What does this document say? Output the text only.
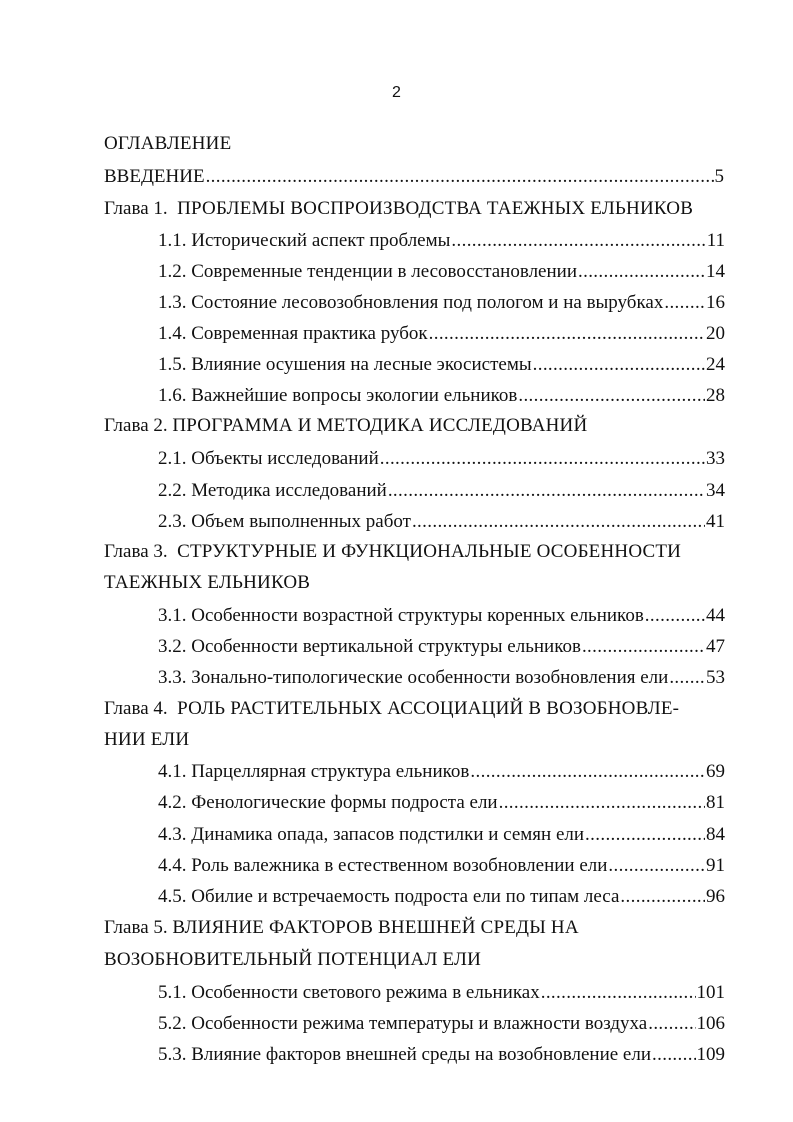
2
ОГЛАВЛЕНИЕ
ВВЕДЕНИЕ . . .	5
Глава 1. ПРОБЛЕМЫ ВОСПРОИЗВОДСТВА ТАЕЖНЫХ ЕЛЬНИКОВ
1.1. Исторический аспект проблемы . . .	11
1.2. Современные тенденции в лесовосстановлении . . .	14
1.3. Состояние лесовозобновления под пологом и на вырубках . . . 16
1.4. Современная практика рубок . . .	20
1.5. Влияние осушения на лесные экосистемы . . .	24
1.6. Важнейшие вопросы экологии ельников . . .	28
Глава 2. ПРОГРАММА И МЕТОДИКА ИССЛЕДОВАНИЙ
2.1. Объекты исследований . . .	33
2.2. Методика исследований . . .	34
2.3. Объем выполненных работ . . .	41
Глава 3. СТРУКТУРНЫЕ И ФУНКЦИОНАЛЬНЫЕ ОСОБЕННОСТИ
ТАЕЖНЫХ ЕЛЬНИКОВ
3.1. Особенности возрастной структуры коренных ельников . . .	44
3.2. Особенности вертикальной структуры ельников . . .	47
3.3. Зонально-типологические особенности возобновления ели . . . 53
Глава 4. РОЛЬ РАСТИТЕЛЬНЫХ АССОЦИАЦИЙ В ВОЗОБНОВЛЕ-
НИИ ЕЛИ
4.1. Парцеллярная структура ельников . . .	69
4.2. Фенологические формы подроста ели . . .	81
4.3. Динамика опада, запасов подстилки и семян ели . . .	84
4.4. Роль валежника в естественном возобновлении ели . . .	91
4.5. Обилие и встречаемость подроста ели по типам леса . . .	96
Глава 5. ВЛИЯНИЕ ФАКТОРОВ ВНЕШНЕЙ СРЕДЫ НА
ВОЗОБНОВИТЕЛЬНЫЙ ПОТЕНЦИАЛ ЕЛИ
5.1. Особенности светового режима в ельниках . . .	101
5.2. Особенности режима температуры и влажности воздуха . . .	106
5.3. Влияние факторов внешней среды на возобновление ели . . . 109
